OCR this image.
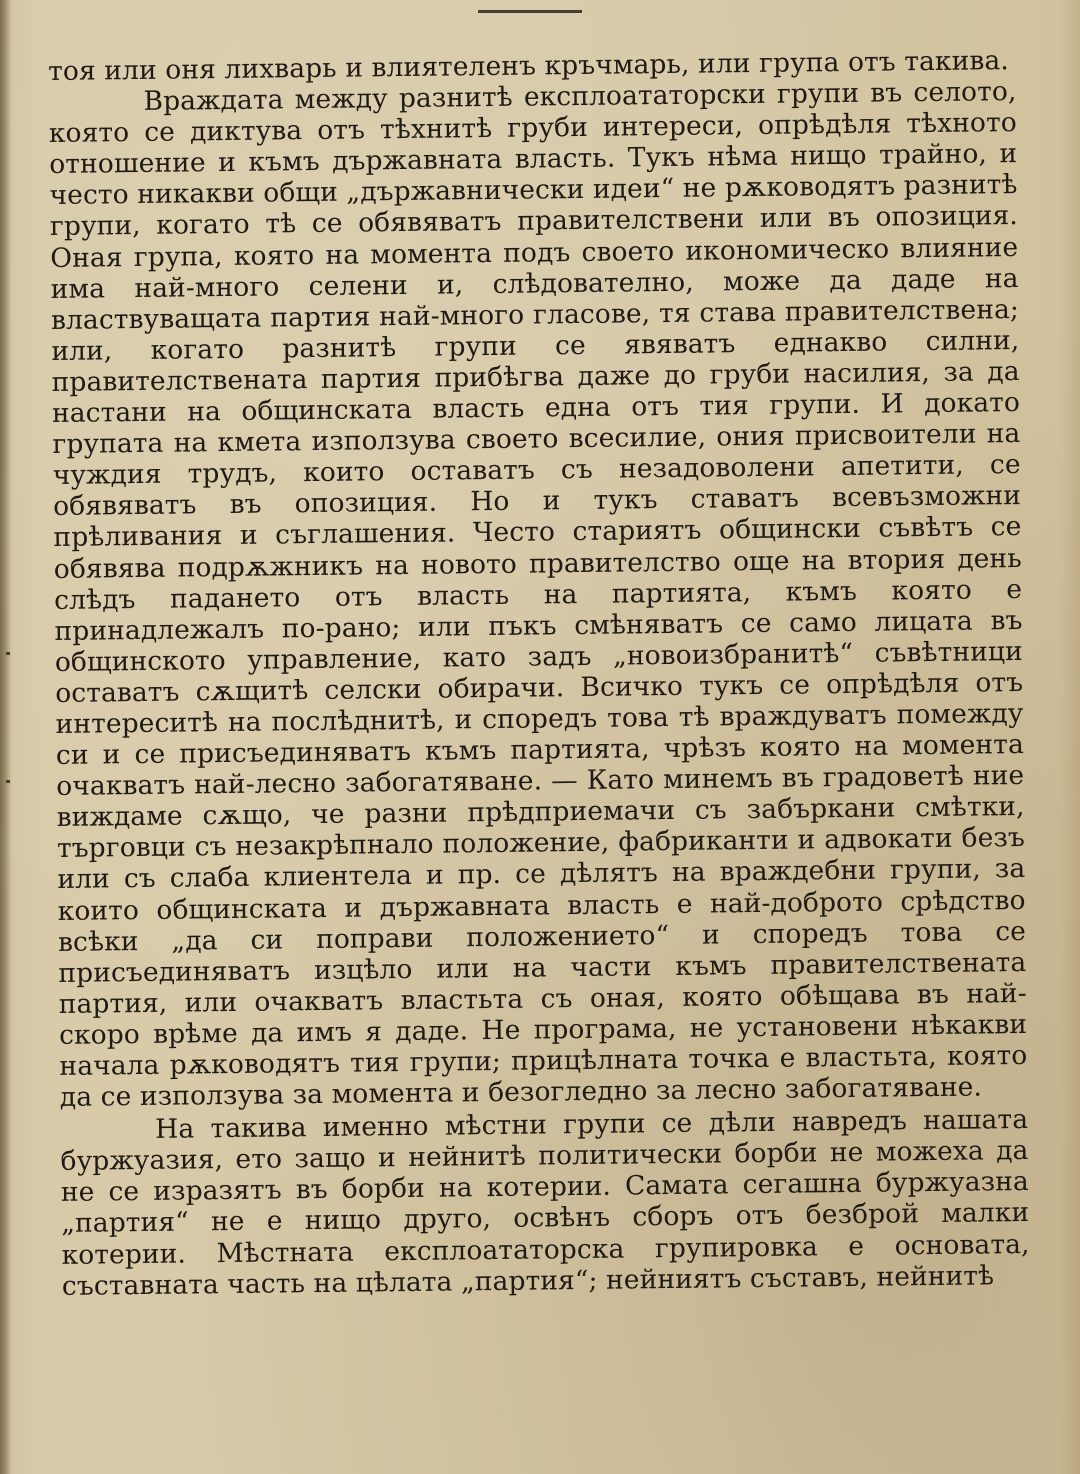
тоя или оня лихварь и влиятеленъ кръчмарь, или група отъ такива.

Враждата между разнитѣ експлоататорски групи въ селото, която се диктува отъ тѣхнитѣ груби интереси, опрѣдѣля тѣхното отношение и къмъ държавната власть. Тукъ нѣма нищо трайно, и често никакви общи „държавнически идеи“ не рѫководятъ разнитѣ групи, когато тѣ се обявяватъ правителствени или въ опозиция. Оная група, която на момента подъ своето икономическо влияние има най-много селени и, слѣдователно, може да даде на властвуващата партия най-много гласове, тя става правителствена; или, когато разнитѣ групи се явяватъ еднакво силни, правителствената партия прибѣгва даже до груби насилия, за да настани на общинската власть една отъ тия групи. И докато групата на кмета използува своето всесилие, ония присвоители на чуждия трудъ, които оставатъ съ незадоволени апетити, се обявяватъ въ опозиция. Но и тукъ ставатъ всевъзможни прѣливания и съглашения. Често стариятъ общински съвѣтъ се обявява подрѫжникъ на новото правителство още на втория день слѣдъ падането отъ власть на партията, къмъ която е принадлежалъ по-рано; или пъкъ смѣняватъ се само лицата въ общинското управление, като задъ „новоизбранитѣ“ съвѣтници оставатъ сѫщитѣ селски обирачи. Всичко тукъ се опрѣдѣля отъ интереситѣ на послѣднитѣ, и споредъ това тѣ враждуватъ помежду си и се присъединяватъ къмъ партията, чрѣзъ която на момента очакватъ най-лесно забогатяване. — Като минемъ въ градоветѣ ние виждаме сѫщо, че разни прѣдприемачи съ забъркани смѣтки, търговци съ незакрѣпнало положение, фабриканти и адвокати безъ или съ слаба клиентела и пр. се дѣлятъ на враждебни групи, за които общинската и държавната власть е най-доброто срѣдство всѣки „да си поправи положението“ и споредъ това се присъединяватъ изцѣло или на части къмъ правителствената партия, или очакватъ властьта съ оная, която обѣщава въ най-скоро врѣме да имъ я даде. Не програма, не установени нѣкакви начала рѫководятъ тия групи; прицѣлната точка е властьта, която да се използува за момента и безогледно за лесно забогатяване.

На такива именно мѣстни групи се дѣли навредъ нашата буржуазия, ето защо и нейнитѣ политически борби не можеха да не се изразятъ въ борби на котерии. Самата сегашна буржуазна „партия“ не е нищо друго, освѣнъ сборъ отъ безброй малки котерии. Мѣстната експлоататорска групировка е основата, съставната часть на цѣлата „партия“; нейниятъ съставъ, нейнитѣ
